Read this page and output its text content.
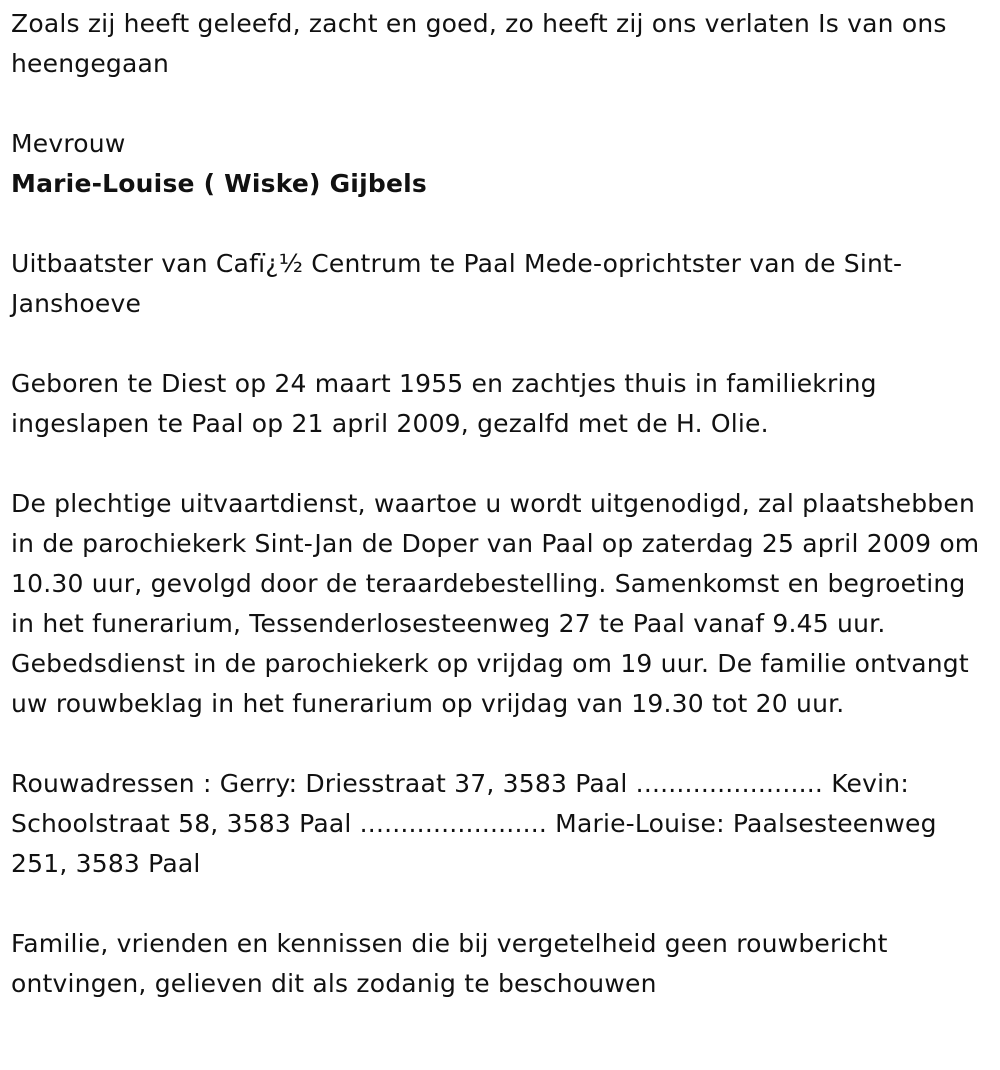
Zoals zij heeft geleefd, zacht en goed, zo heeft zij ons verlaten Is van ons heengegaan

Mevrouw

Marie-Louise ( Wiske) Gijbels

Uitbaatster van Cafï¿½ Centrum te Paal Mede-oprichtster van de Sint-Janshoeve

Geboren te Diest op 24 maart 1955 en zachtjes thuis in familiekring ingeslapen te Paal op 21 april 2009, gezalfd met de H. Olie.

De plechtige uitvaartdienst, waartoe u wordt uitgenodigd, zal plaatshebben in de parochiekerk Sint-Jan de Doper van Paal op zaterdag 25 april 2009 om 10.30 uur, gevolgd door de teraardebestelling. Samenkomst en begroeting in het funerarium, Tessenderlosesteenweg 27 te Paal vanaf 9.45 uur. Gebedsdienst in de parochiekerk op vrijdag om 19 uur. De familie ontvangt uw rouwbeklag in het funerarium op vrijdag van 19.30 tot 20 uur.

Rouwadressen : Gerry: Driesstraat 37, 3583 Paal ....................... Kevin: Schoolstraat 58, 3583 Paal ....................... Marie-Louise: Paalsesteenweg 251, 3583 Paal

Familie, vrienden en kennissen die bij vergetelheid geen rouwbericht ontvingen, gelieven dit als zodanig te beschouwen
